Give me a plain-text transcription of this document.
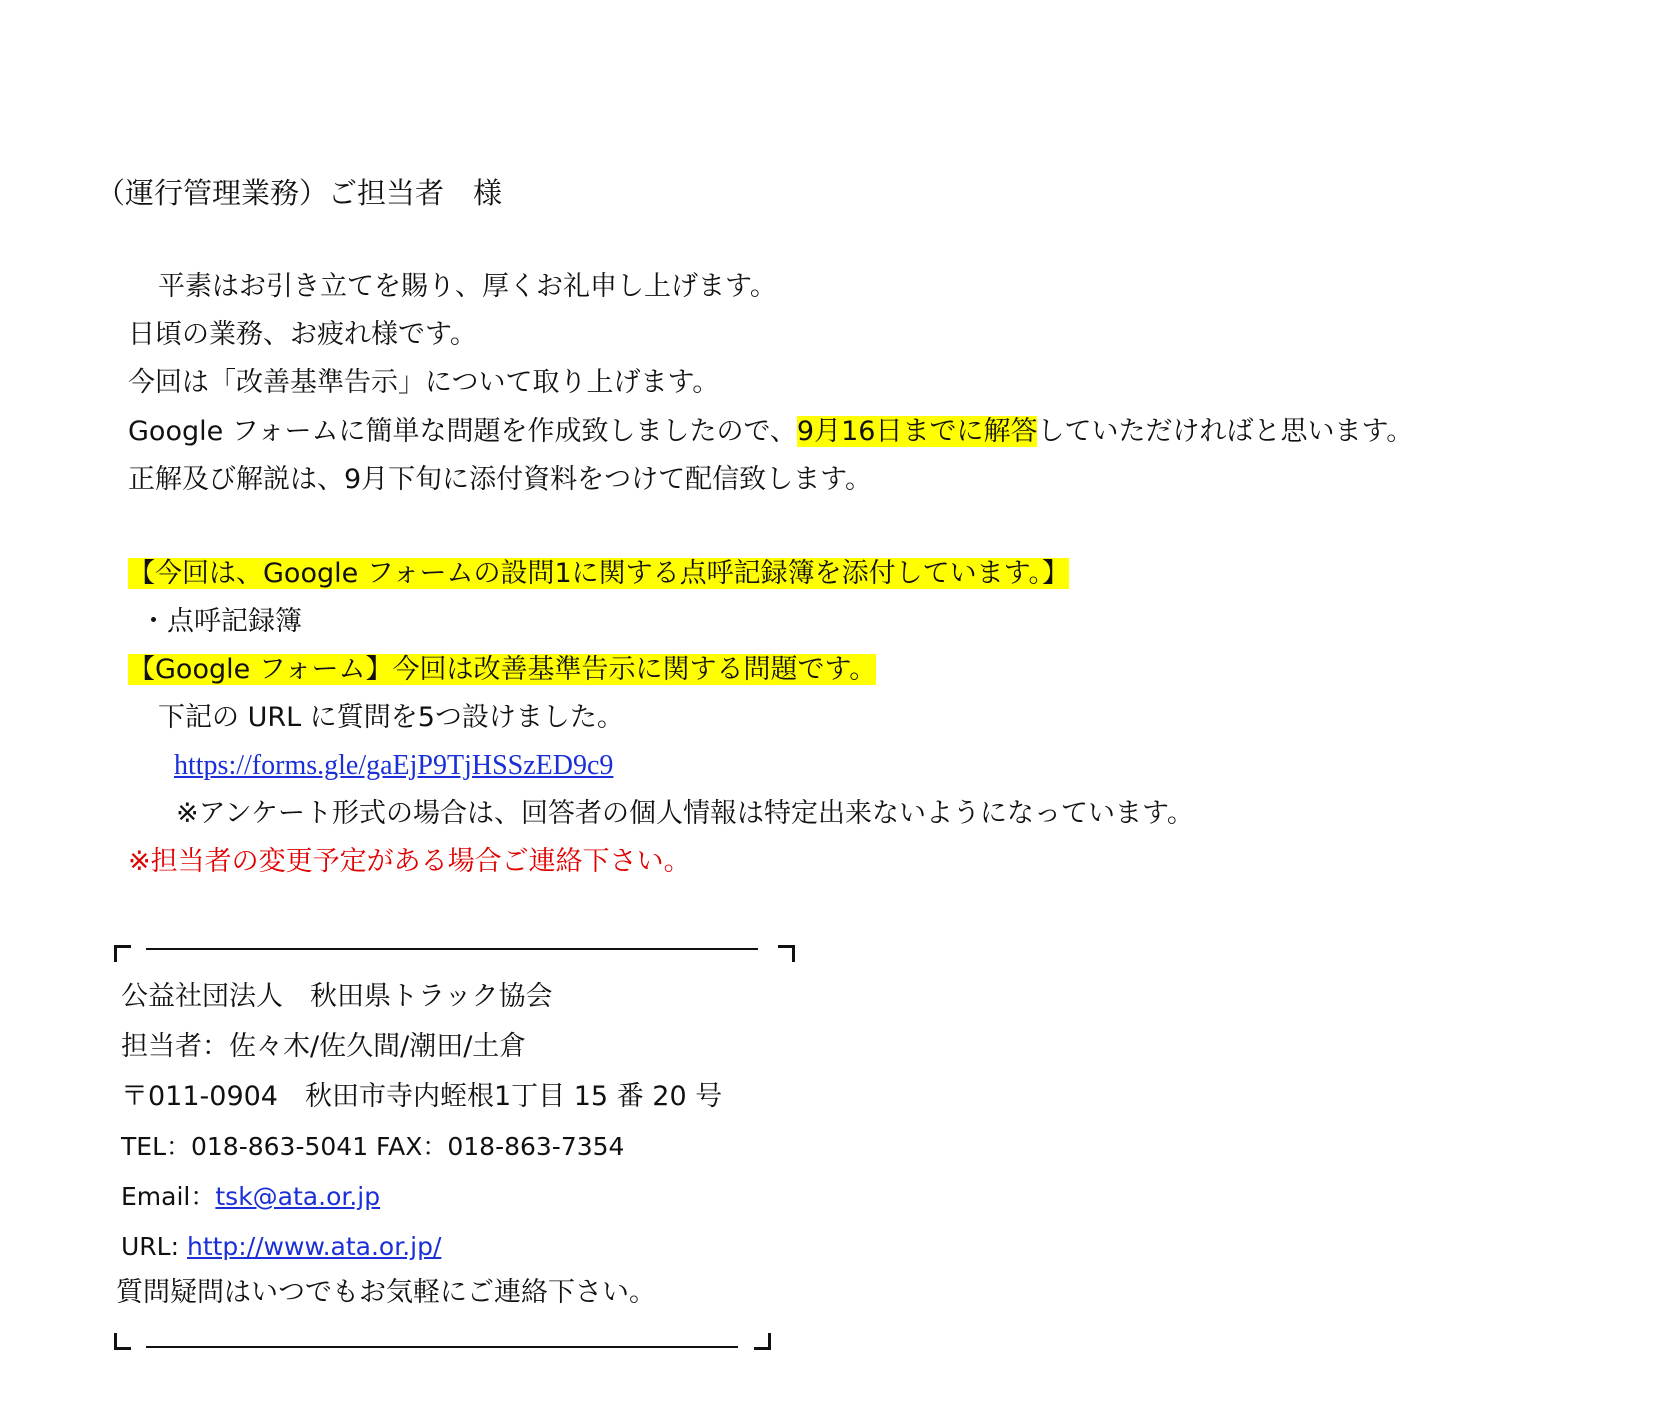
（運行管理業務）ご担当者　様
平素はお引き立てを賜り、厚くお礼申し上げます。
日頃の業務、お疲れ様です。
今回は「改善基準告示」について取り上げます。
Google フォームに簡単な問題を作成致しましたので、9月16日までに解答していただければと思います。
正解及び解説は、9月下旬に添付資料をつけて配信致します。
【今回は、Google フォームの設問1に関する点呼記録簿を添付しています。】
・点呼記録簿
【Google フォーム】今回は改善基準告示に関する問題です。
下記の URL に質問を5つ設けました。
https://forms.gle/gaEjP9TjHSSzED9c9
※アンケート形式の場合は、回答者の個人情報は特定出来ないようになっています。
※担当者の変更予定がある場合ご連絡下さい。
公益社団法人　秋田県トラック協会
担当者：佐々木/佐久間/潮田/土倉
〒011-0904　秋田市寺内蛭根1丁目 15 番 20 号
TEL：018-863-5041 FAX：018-863-7354
Email：tsk@ata.or.jp
URL: http://www.ata.or.jp/
質問疑問はいつでもお気軽にご連絡下さい。
